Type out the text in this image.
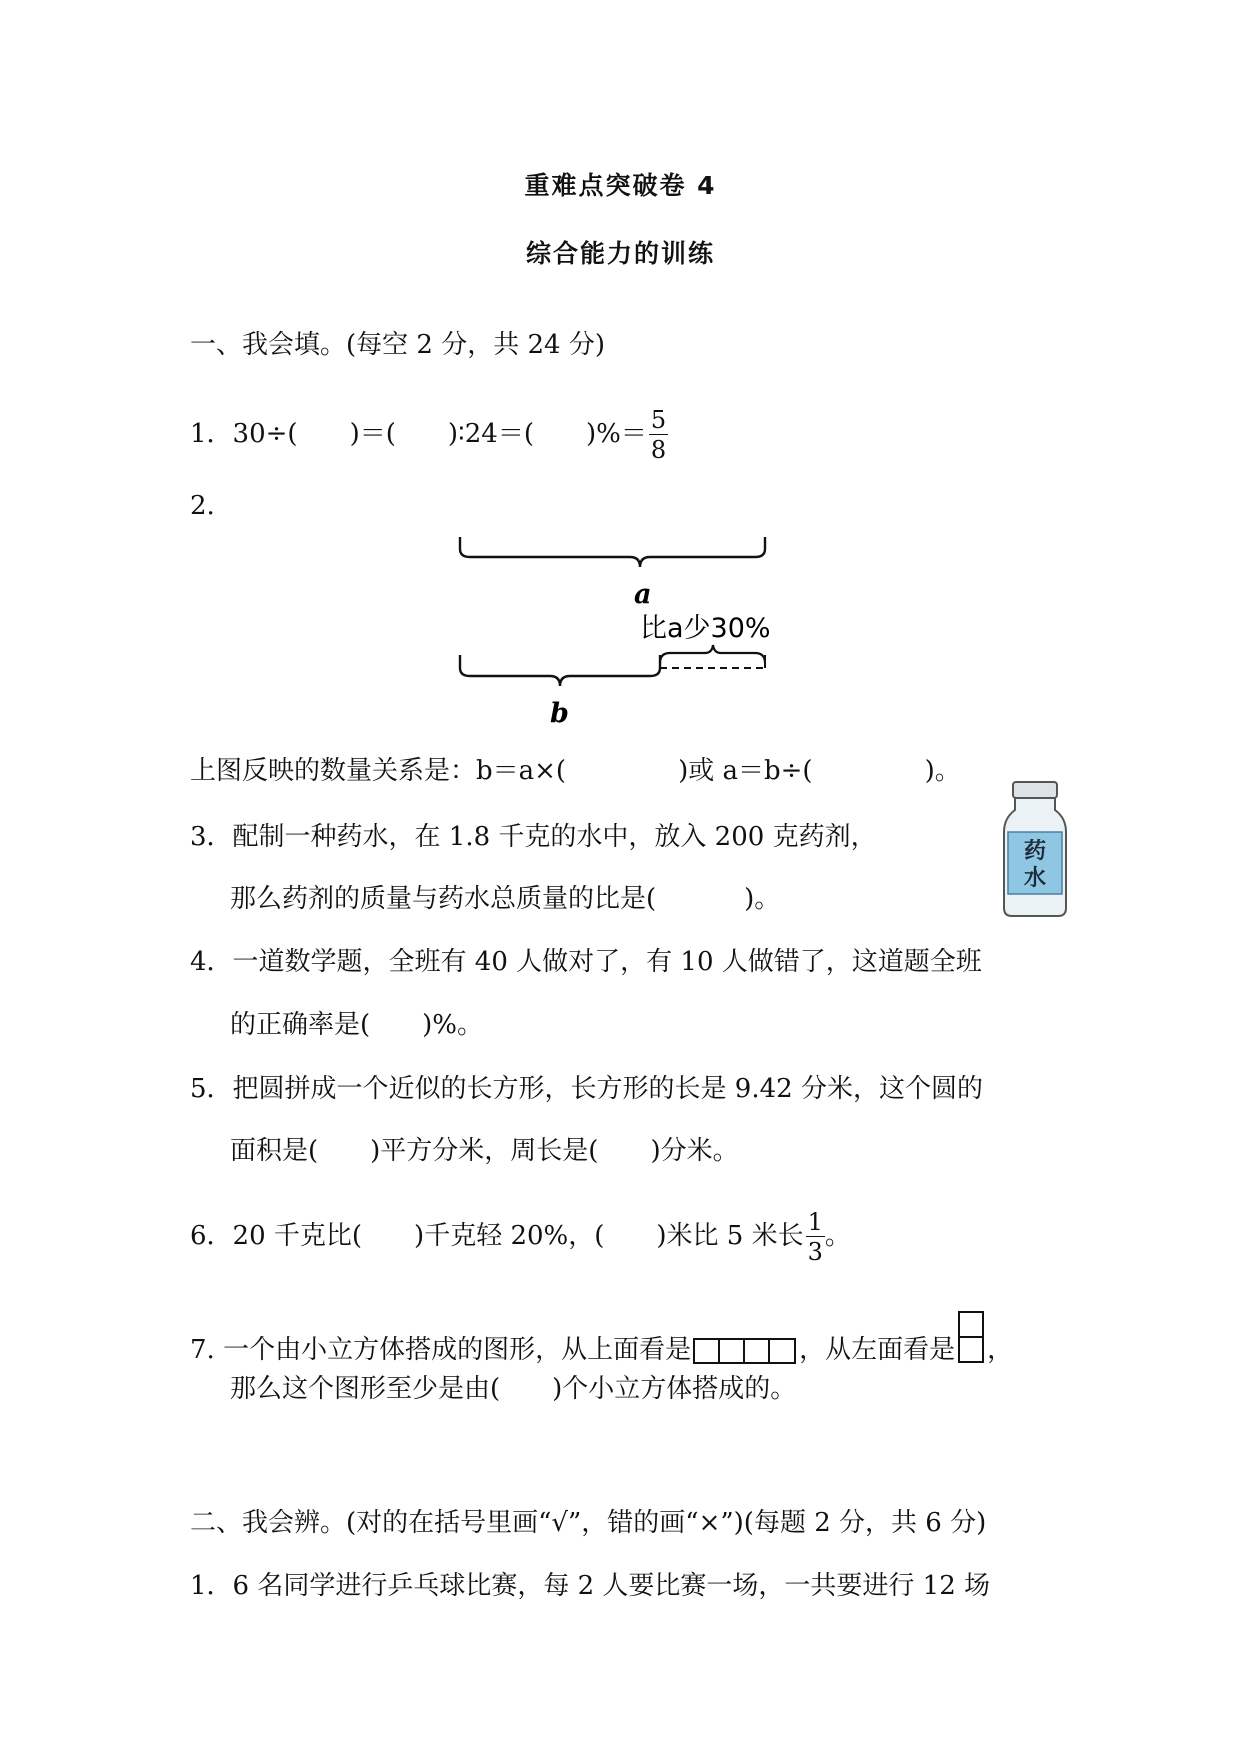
重难点突破卷 4
综合能力的训练
一、我会填。(每空 2 分，共 24 分)
1．30÷( )＝( )∶24＝( )%＝ $\frac{5}{8}$
2.
a
比a少30%
b
上图反映的数量关系是：b＝a×(	)或 a＝b÷(	)。
3．配制一种药水，在 1.8 千克的水中，放入 200 克药剂，
那么药剂的质量与药水总质量的比是(	)。
药
水
4．一道数学题，全班有 40 人做对了，有 10 人做错了，这道题全班
的正确率是( )%。
5．把圆拼成一个近似的长方形，长方形的长是 9.42 分米，这个圆的
面积是( )平方分米，周长是( )分米。
6．20 千克比( )千克轻 20%，( )米比 5 米长 $\frac{1}{3}$ 。
7. 一个由小立方体搭成的图形，从上面看是	，从左面看是 ，
那么这个图形至少是由( )个小立方体搭成的。
二、我会辨。(对的在括号里画“√”，错的画“×”)(每题 2 分，共 6 分)
1．6 名同学进行乒乓球比赛，每 2 人要比赛一场，一共要进行 12 场
